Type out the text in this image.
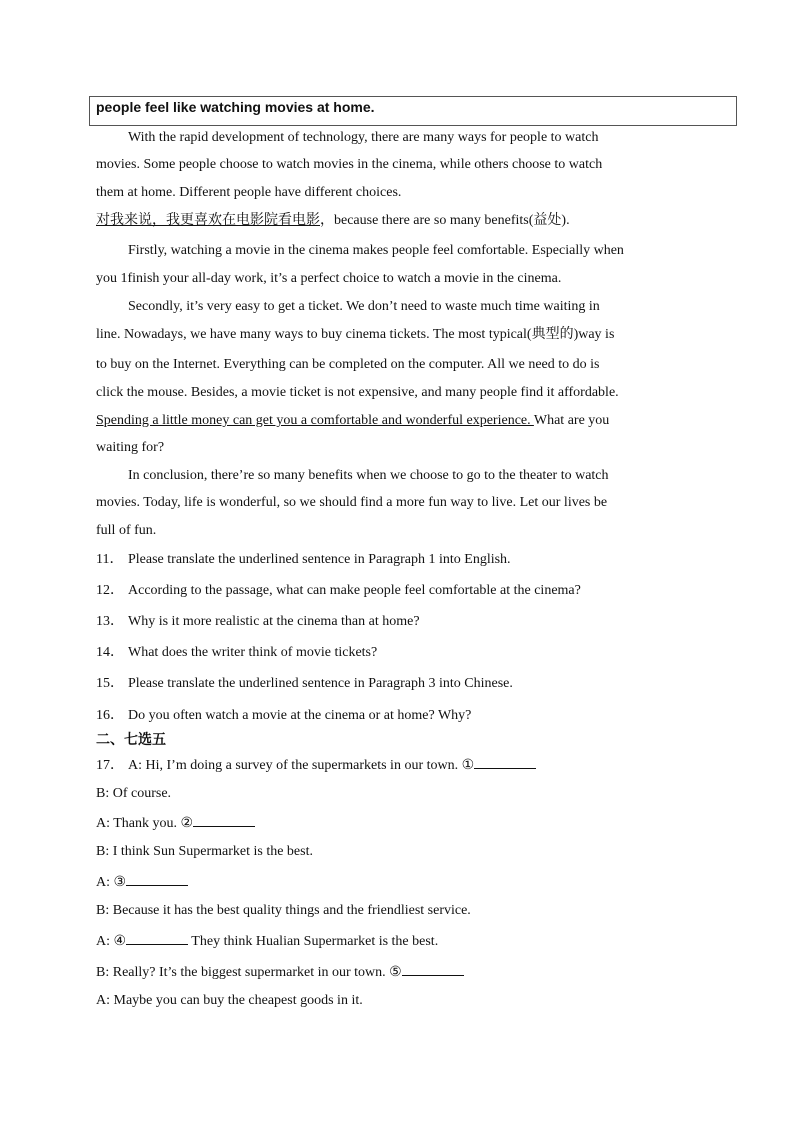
people feel like watching movies at home.
With the rapid development of technology, there are many ways for people to watch
movies. Some people choose to watch movies in the cinema, while others choose to watch
them at home. Different people have different choices.
对我来说，我更喜欢在电影院看电影，because there are so many benefits(益处).
Firstly, watching a movie in the cinema makes people feel comfortable. Especially when
you 1finish your all-day work, it’s a perfect choice to watch a movie in the cinema.
Secondly, it’s very easy to get a ticket. We don’t need to waste much time waiting in
line. Nowadays, we have many ways to buy cinema tickets. The most typical(典型的)way is
to buy on the Internet. Everything can be completed on the computer. All we need to do is
click the mouse. Besides, a movie ticket is not expensive, and many people find it affordable.
Spending a little money can get you a comfortable and wonderful experience. What are you
waiting for?
In conclusion, there’re so many benefits when we choose to go to the theater to watch
movies. Today, life is wonderful, so we should find a more fun way to live. Let our lives be
full of fun.
11． Please translate the underlined sentence in Paragraph 1 into English.
12． According to the passage, what can make people feel comfortable at the cinema?
13． Why is it more realistic at the cinema than at home?
14． What does the writer think of movie tickets?
15． Please translate the underlined sentence in Paragraph 3 into Chinese.
16． Do you often watch a movie at the cinema or at home? Why?
二、七选五
17． A: Hi, I’m doing a survey of the supermarkets in our town. ①
B: Of course.
A: Thank you. ②
B: I think Sun Supermarket is the best.
A: ③
B: Because it has the best quality things and the friendliest service.
A: ④	They think Hualian Supermarket is the best.
B: Really? It’s the biggest supermarket in our town. ⑤
A: Maybe you can buy the cheapest goods in it.
